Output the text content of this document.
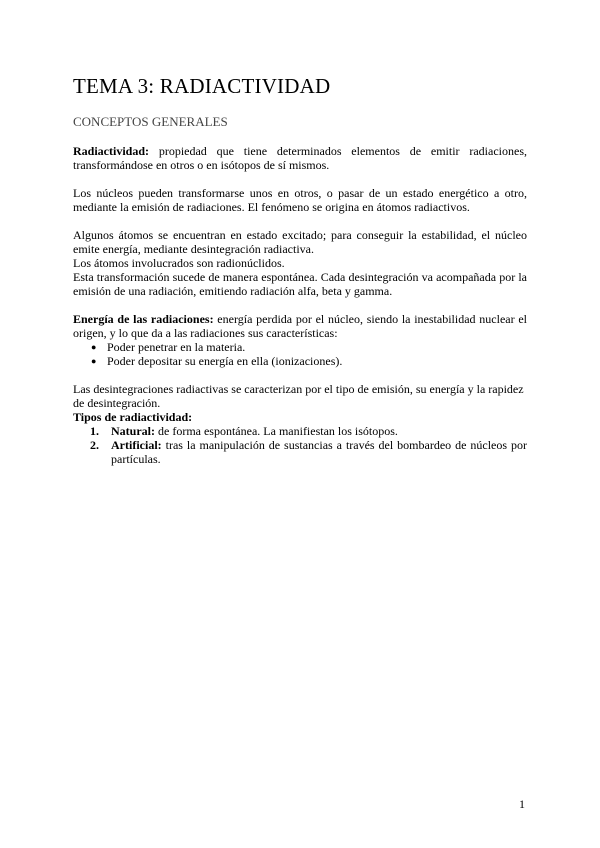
TEMA 3: RADIACTIVIDAD
CONCEPTOS GENERALES
Radiactividad: propiedad que tiene determinados elementos de emitir radiaciones, transformándose en otros o en isótopos de sí mismos.
Los núcleos pueden transformarse unos en otros, o pasar de un estado energético a otro, mediante la emisión de radiaciones. El fenómeno se origina en átomos radiactivos.

Algunos átomos se encuentran en estado excitado; para conseguir la estabilidad, el núcleo emite energía, mediante desintegración radiactiva.

Los átomos involucrados son radionúclidos.

Esta transformación sucede de manera espontánea. Cada desintegración va acompañada por la emisión de una radiación, emitiendo radiación alfa, beta y gamma.

Energía de las radiaciones: energía perdida por el núcleo, siendo la inestabilidad nuclear el origen, y lo que da a las radiaciones sus características:

● Poder penetrar en la materia.
● Poder depositar su energía en ella (ionizaciones).

Las desintegraciones radiactivas se caracterizan por el tipo de emisión, su energía y la rapidez de desintegración.

Tipos de radiactividad:

1. Natural: de forma espontánea. La manifiestan los isótopos.
2. Artificial: tras la manipulación de sustancias a través del bombardeo de núcleos por partículas.
1
